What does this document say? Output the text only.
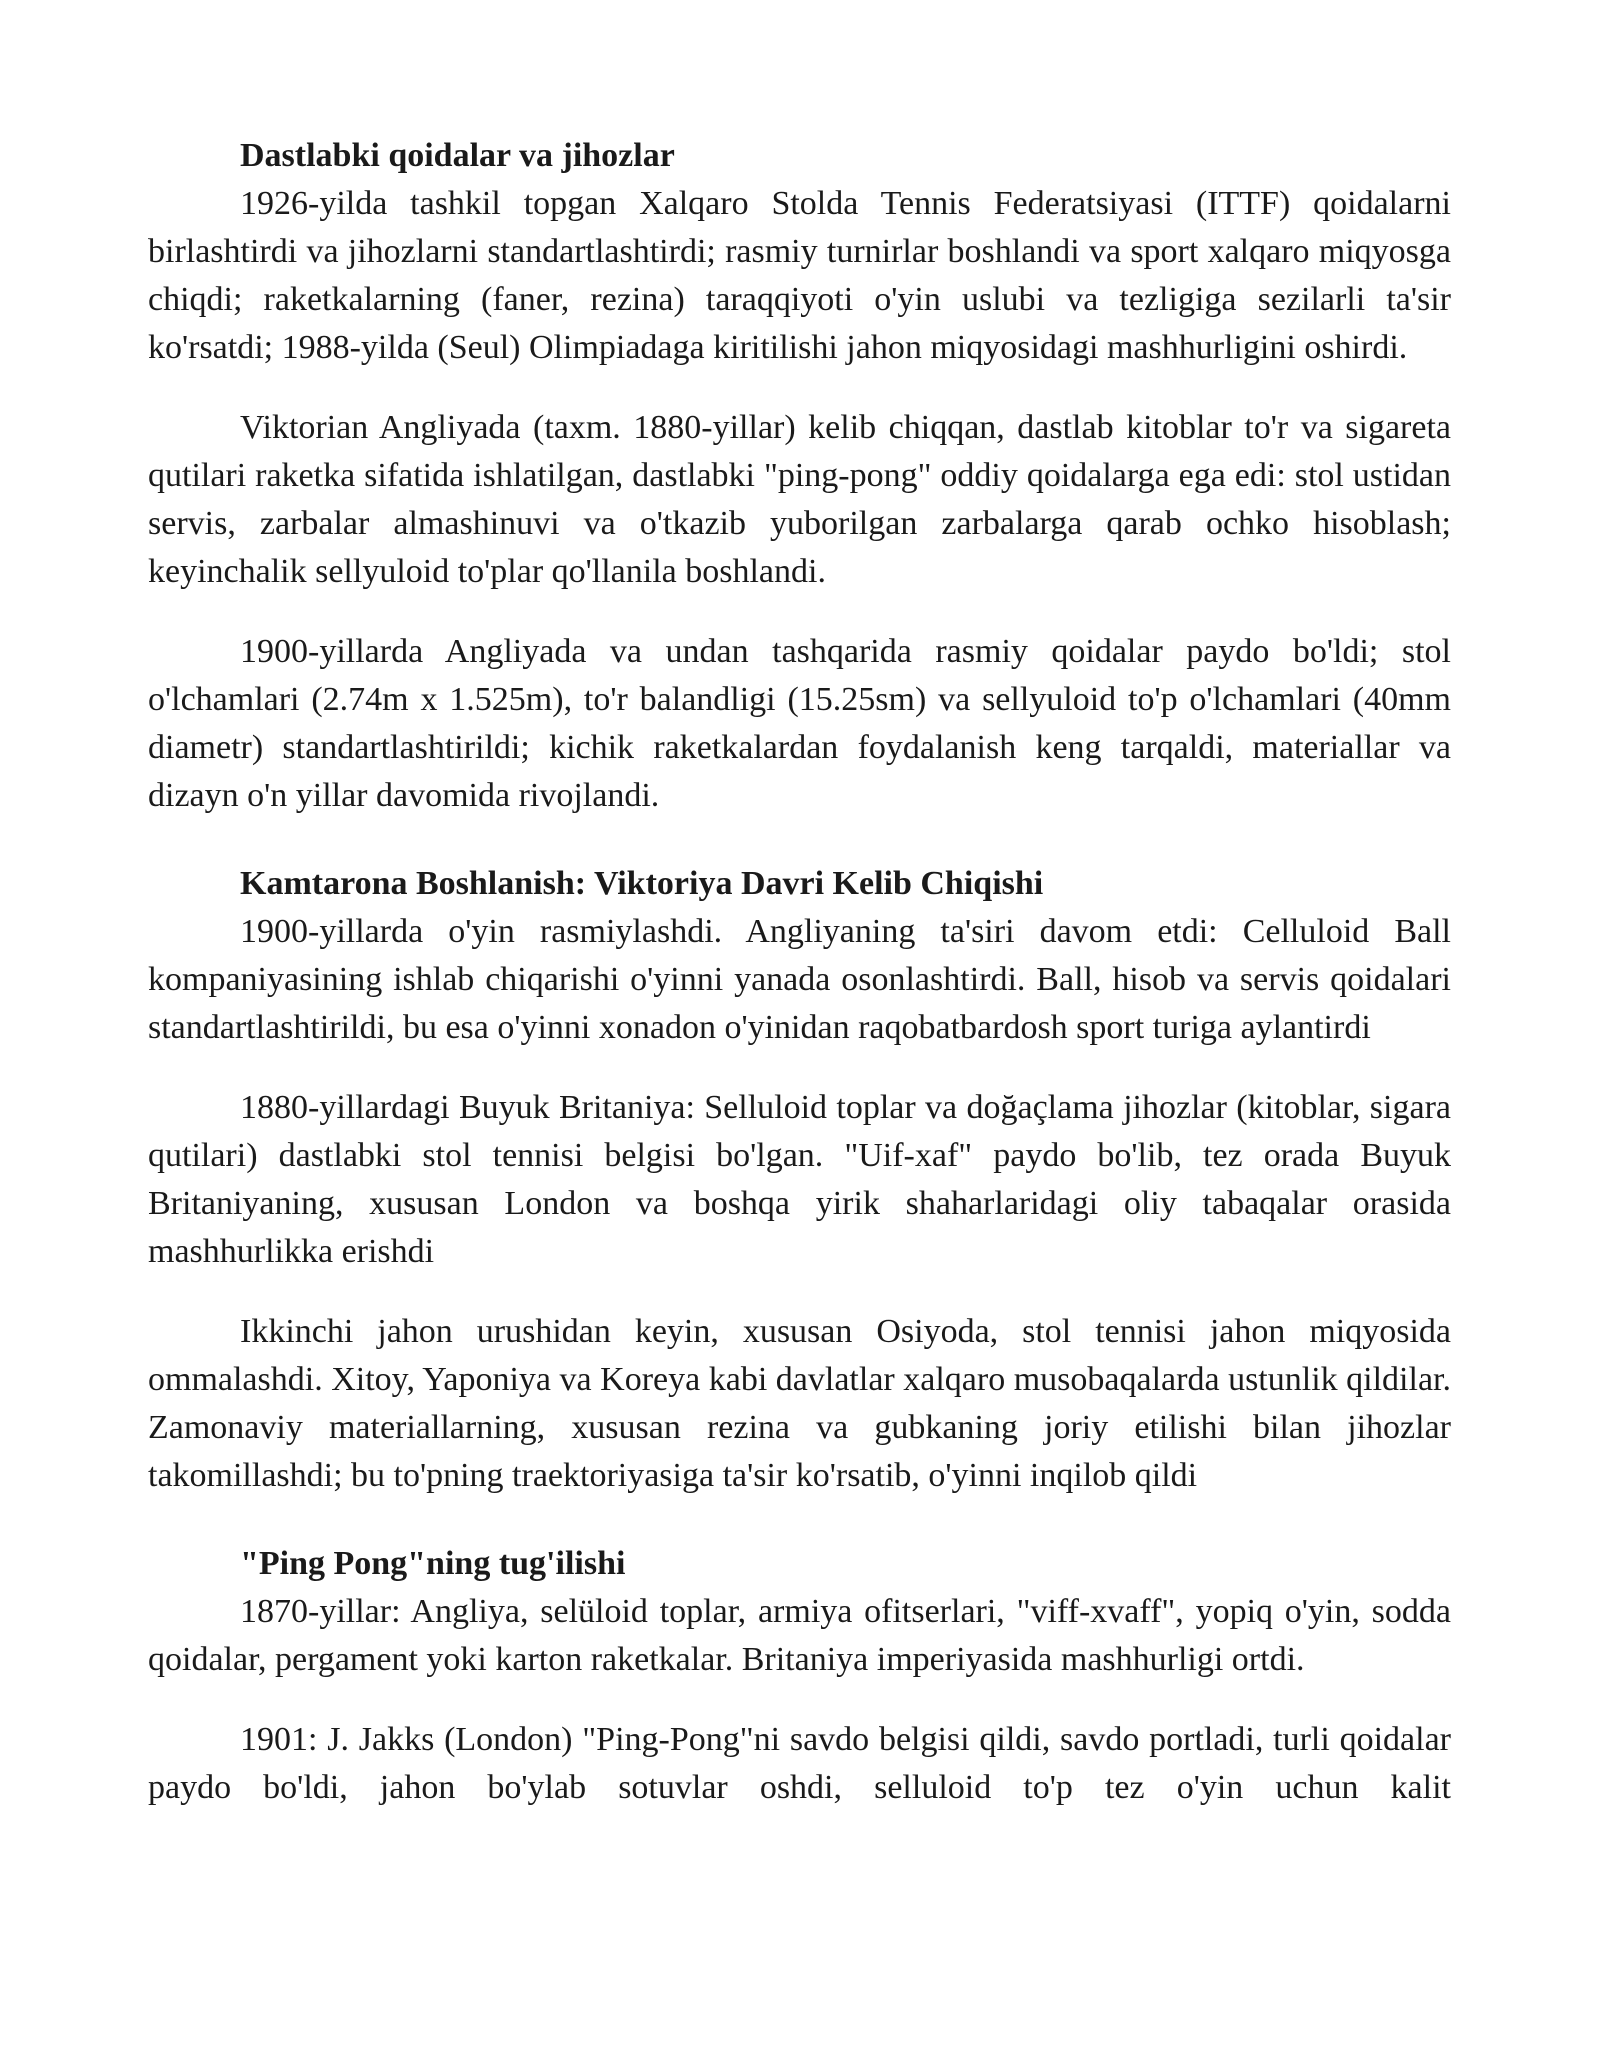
Dastlabki qoidalar va jihozlar

1926-yilda tashkil topgan Xalqaro Stolda Tennis Federatsiyasi (ITTF) qoidalarni birlashtirdi va jihozlarni standartlashtirdi; rasmiy turnirlar boshlandi va sport xalqaro miqyosga chiqdi; raketkalarning (faner, rezina) taraqqiyoti o'yin uslubi va tezligiga sezilarli ta'sir ko'rsatdi; 1988-yilda (Seul) Olimpiadaga kiritilishi jahon miqyosidagi mashhurligini oshirdi.

Viktorian Angliyada (taxm. 1880-yillar) kelib chiqqan, dastlab kitoblar to'r va sigareta qutilari raketka sifatida ishlatilgan, dastlabki "ping-pong" oddiy qoidalarga ega edi: stol ustidan servis, zarbalar almashinuvi va o'tkazib yuborilgan zarbalarga qarab ochko hisoblash; keyinchalik sellyuloid to'plar qo'llanila boshlandi.

1900-yillarda Angliyada va undan tashqarida rasmiy qoidalar paydo bo'ldi; stol o'lchamlari (2.74m x 1.525m), to'r balandligi (15.25sm) va sellyuloid to'p o'lchamlari (40mm diametr) standartlashtirildi; kichik raketkalardan foydalanish keng tarqaldi, materiallar va dizayn o'n yillar davomida rivojlandi.

Kamtarona Boshlanish: Viktoriya Davri Kelib Chiqishi

1900-yillarda o'yin rasmiylashdi. Angliyaning ta'siri davom etdi: Celluloid Ball kompaniyasining ishlab chiqarishi o'yinni yanada osonlashtirdi. Ball, hisob va servis qoidalari standartlashtirildi, bu esa o'yinni xonadon o'yinidan raqobatbardosh sport turiga aylantirdi

1880-yillardagi Buyuk Britaniya: Selluloid toplar va doğaçlama jihozlar (kitoblar, sigara qutilari) dastlabki stol tennisi belgisi bo'lgan. "Uif-xaf" paydo bo'lib, tez orada Buyuk Britaniyaning, xususan London va boshqa yirik shaharlaridagi oliy tabaqalar orasida mashhurlikka erishdi

Ikkinchi jahon urushidan keyin, xususan Osiyoda, stol tennisi jahon miqyosida ommalashdi. Xitoy, Yaponiya va Koreya kabi davlatlar xalqaro musobaqalarda ustunlik qildilar. Zamonaviy materiallarning, xususan rezina va gubkaning joriy etilishi bilan jihozlar takomillashdi; bu to'pning traektoriyasiga ta'sir ko'rsatib, o'yinni inqilob qildi

"Ping Pong"ning tug'ilishi

1870-yillar: Angliya, selüloid toplar, armiya ofitserlari, "viff-xvaff", yopiq o'yin, sodda qoidalar, pergament yoki karton raketkalar. Britaniya imperiyasida mashhurligi ortdi.

1901: J. Jakks (London) "Ping-Pong"ni savdo belgisi qildi, savdo portladi, turli qoidalar paydo bo'ldi, jahon bo'ylab sotuvlar oshdi, selluloid to'p tez o'yin uchun kalit
